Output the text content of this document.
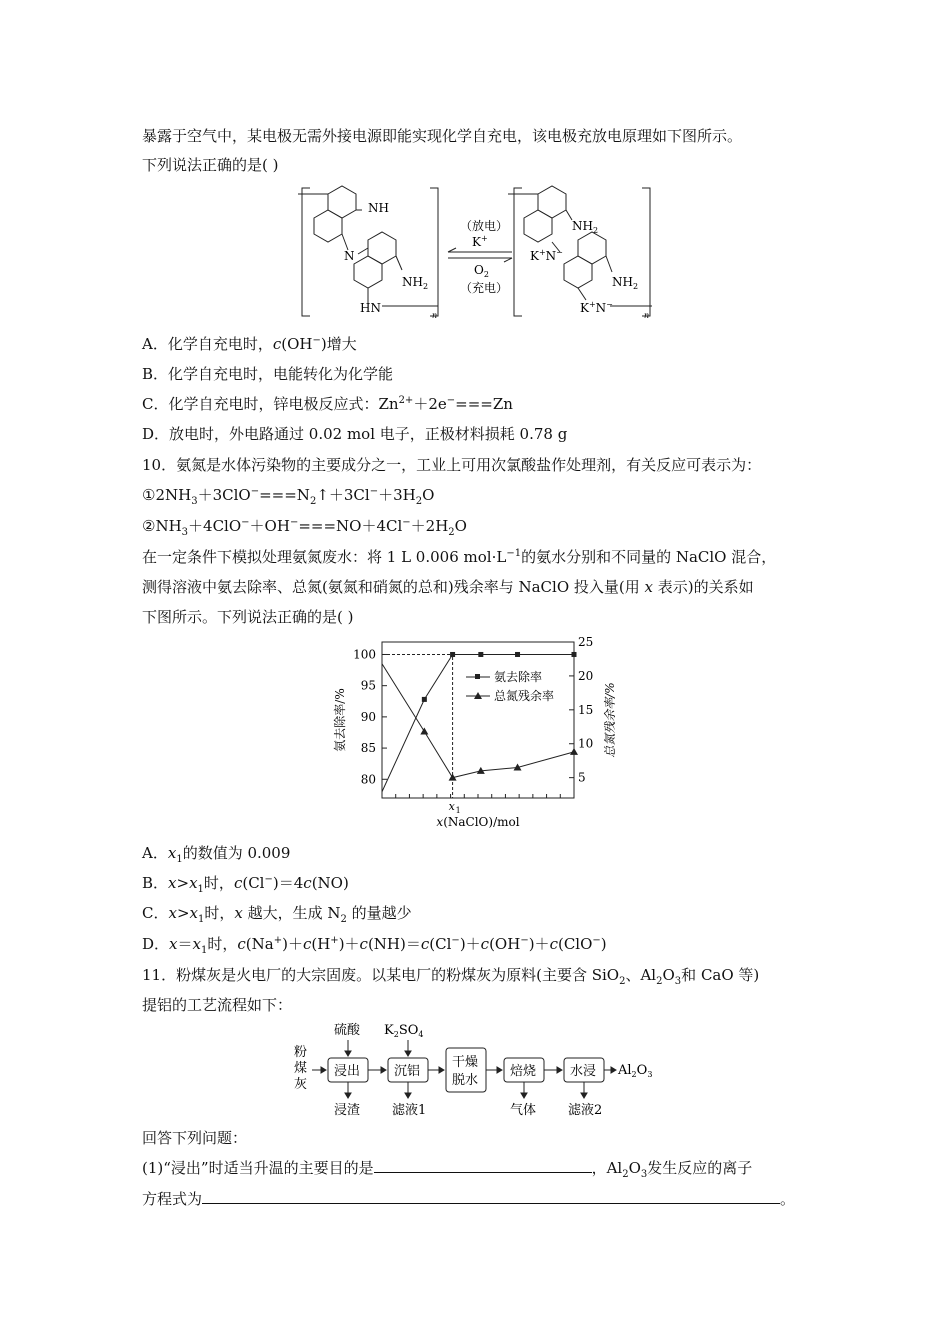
暴露于空气中，某电极无需外接电源即能实现化学自充电，该电极充放电原理如下图所示。
下列说法正确的是( )
NH
N
$NH_2$
HN
n
（放电）
K+
$O_2$
（充电）
$NH_2$
K+N−
$NH_2$
K+N−
n
A．化学自充电时，c(OH−)增大
B．化学自充电时，电能转化为化学能
C．化学自充电时，锌电极反应式：$Zn^{2+}+2e^-===Zn$
D．放电时，外电路通过 0.02 mol 电子，正极材料损耗 0.78 g
10．氨氮是水体污染物的主要成分之一，工业上可用次氯酸盐作处理剂，有关反应可表示为：
$①2NH_3+3ClO^-===N_2↑+3Cl^-+3H_2O$
$②NH_3+4ClO^-+OH^-===NO+4Cl^-+2H_2O$
在一定条件下模拟处理氨氮废水：将 1 L 0.006 $mol\cdot L^{-1}$的氨水分别和不同量的 NaClO 混合，
测得溶液中氨去除率、总氮(氨氮和硝氮的总和)残余率与 NaClO 投入量(用 x 表示)的关系如
下图所示。下列说法正确的是( )
80
85
90
95
100
5
10
15
20
25
x 1
氨去除率/%	总氮残余率/%
x(NaClO)/mol
氨去除率
总氮残余率
A．$x_1$的数值为 0.009
B．$x>x_1$时，c(Cl−)＝4c(NO)
C．$x>x_1$时，x 越大，生成 $N_2$ 的量越少
D．$x=x_1$时，c(Na+)＋c(H+)＋c(NH)＝c(Cl−)＋c(OH−)＋c(ClO−)
11．粉煤灰是火电厂的大宗固废。以某电厂的粉煤灰为原料(主要含 SiO$_2$、$Al_2O_3$和 CaO 等)
提铝的工艺流程如下：
粉
煤
灰
硫酸 $K_2SO_4$
浸出	沉铝
干燥
脱水
焙烧	水浸 $Al_2O_3$
浸渣 滤液1	气体 滤液2
回答下列问题：
(1)“浸出”时适当升温的主要目的是	，$Al_2O_3$发生反应的离子
方程式为	。
